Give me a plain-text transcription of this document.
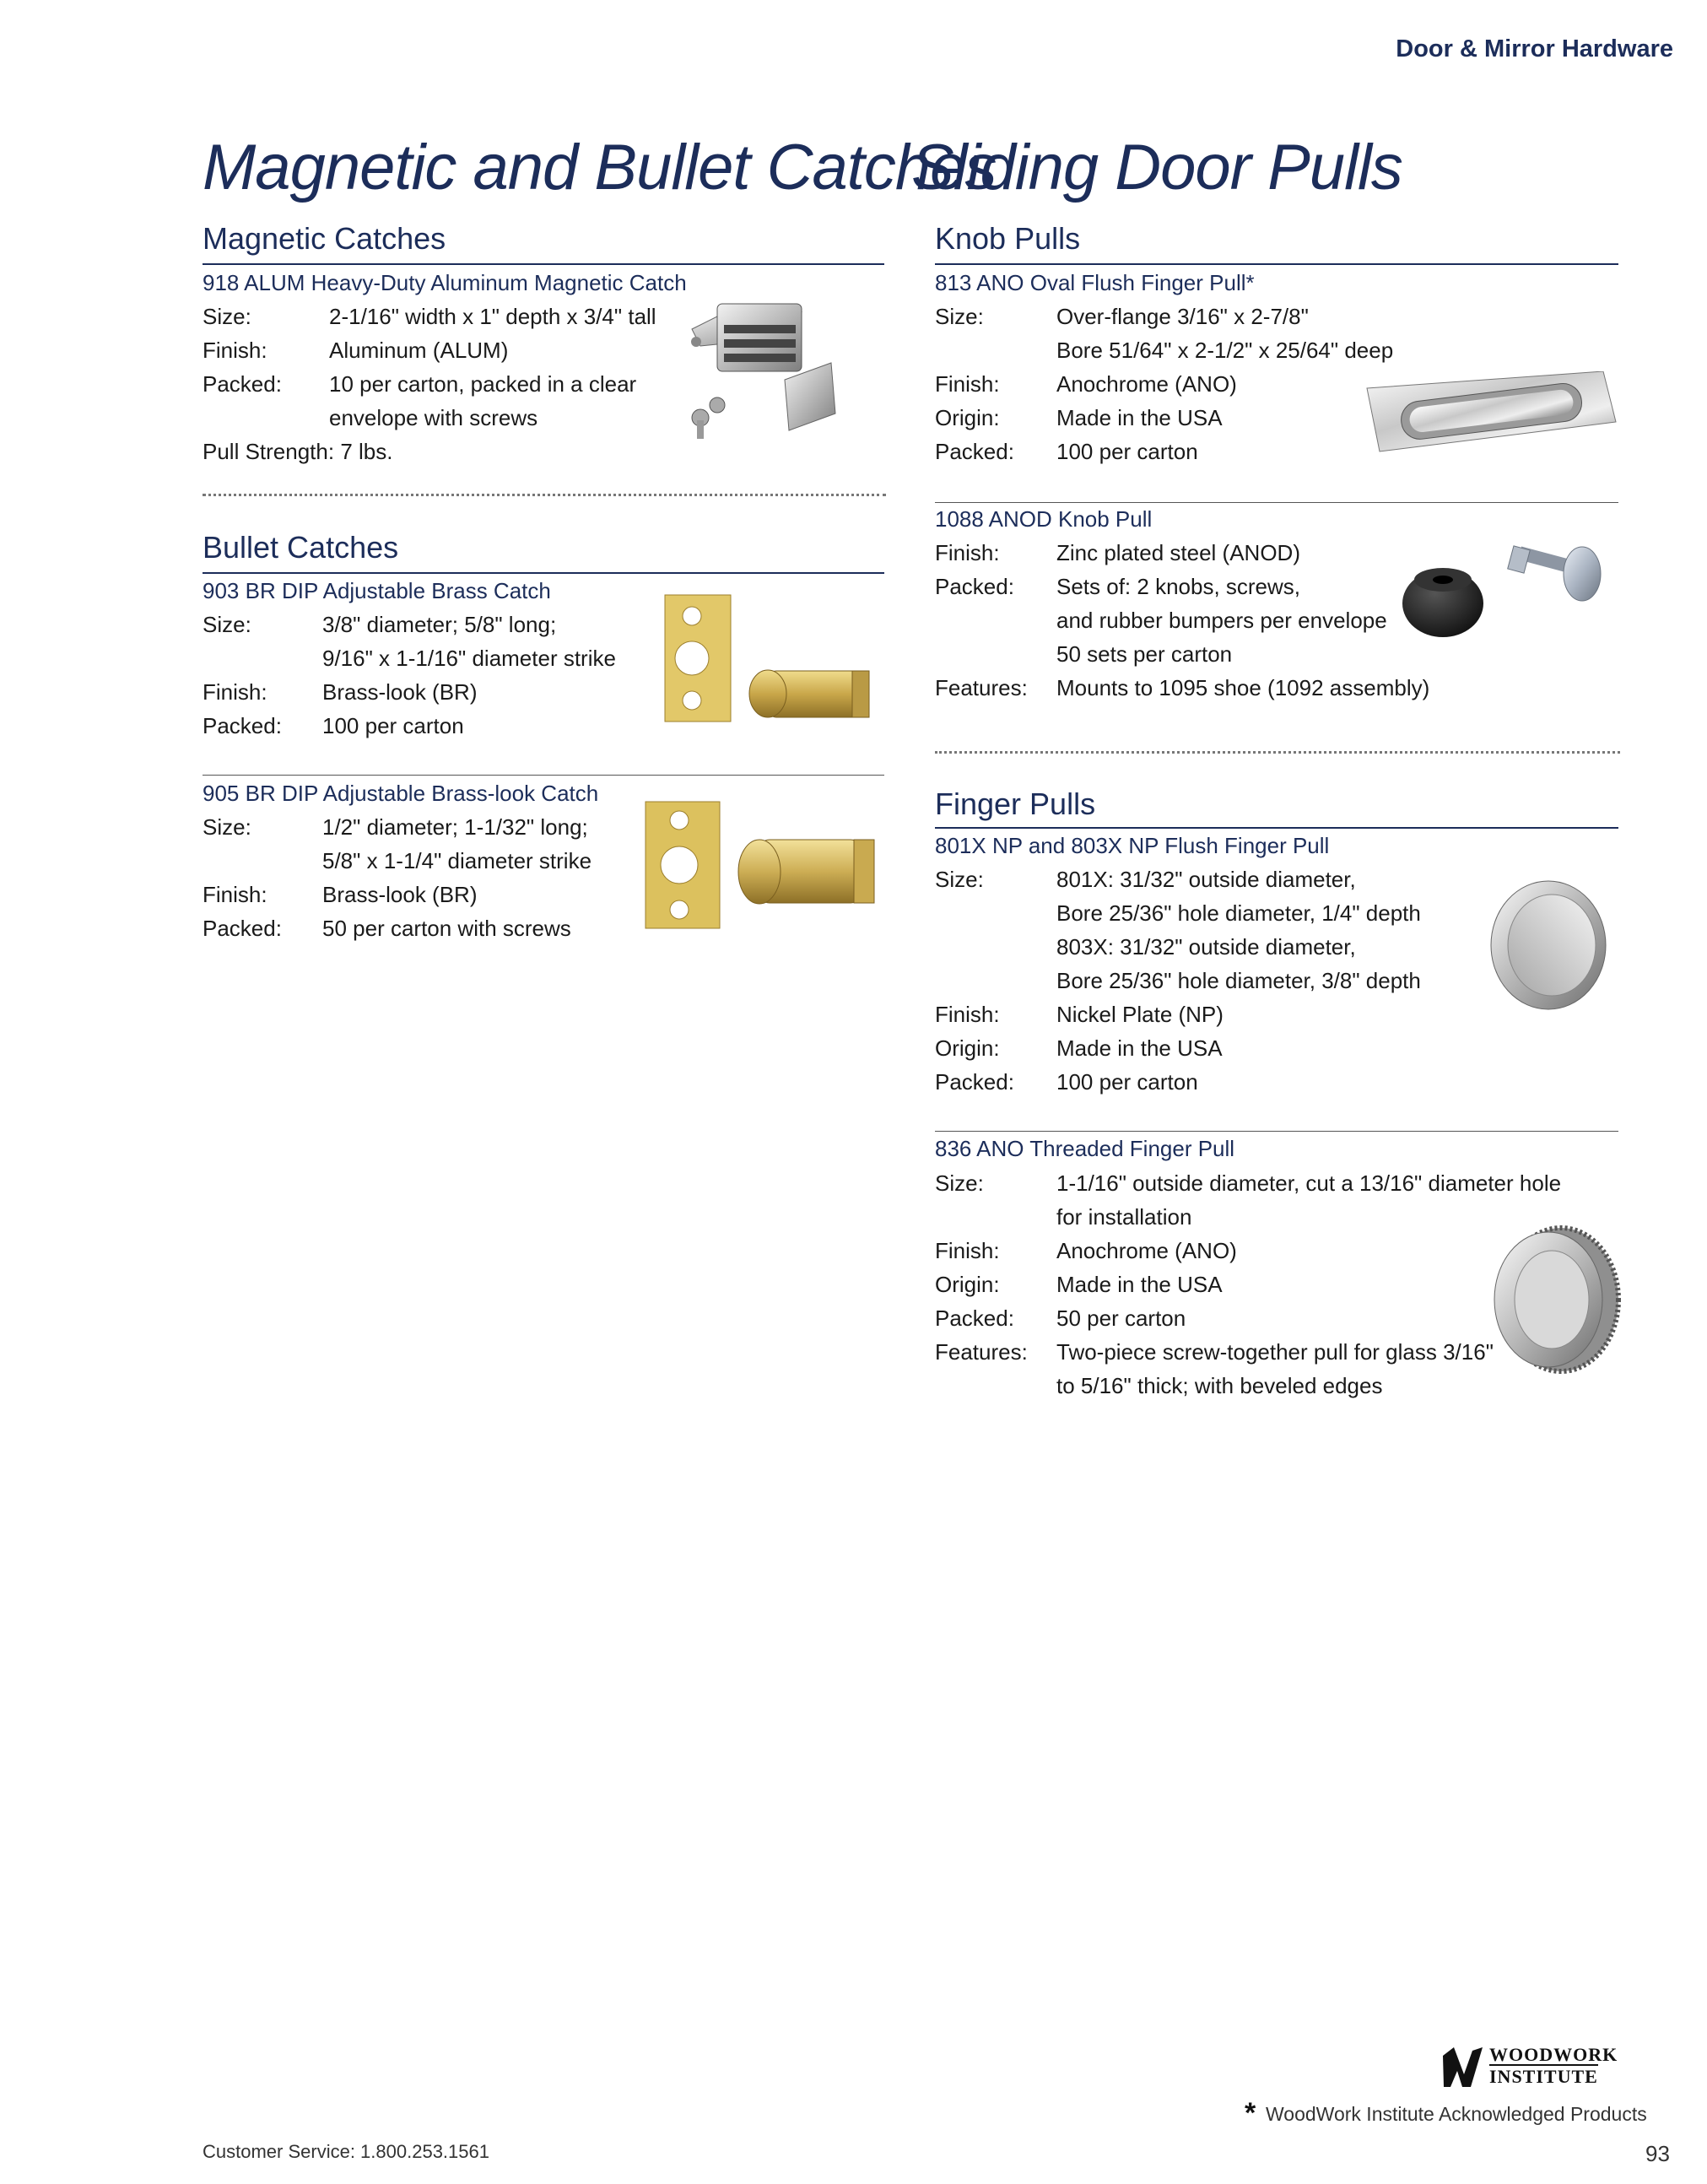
Door & Mirror Hardware
Magnetic and Bullet Catches
Sliding Door Pulls
Magnetic Catches
918 ALUM Heavy-Duty Aluminum Magnetic Catch
Size:	2-1/16" width x 1" depth x 3/4" tall
Finish:	Aluminum (ALUM)
Packed:	10 per carton, packed in a clear
envelope with screws
Pull Strength : 7 lbs.
Bullet Catches
903 BR DIP Adjustable Brass Catch
Size:	3/8" diameter; 5/8" long;
9/16" x 1-1/16" diameter strike
Finish:	Brass-look (BR)
Packed:	100 per carton
905 BR DIP Adjustable Brass-look Catch
Size:	1/2" diameter; 1-1/32" long;
5/8" x 1-1/4" diameter strike
Finish:	Brass-look (BR)
Packed:	50 per carton with screws
Knob Pulls
813 ANO Oval Flush Finger Pull*
Size:	Over-flange 3/16" x 2-7/8"
Bore 51/64" x 2-1/2" x 25/64" deep
Finish:	Anochrome (ANO)
Origin:	Made in the USA
Packed:	100 per carton
1088 ANOD Knob Pull
Finish:	Zinc plated steel (ANOD)
Packed:	Sets of: 2 knobs, screws,
and rubber bumpers per envelope
50 sets per carton
Features:	Mounts to 1095 shoe (1092 assembly)
Finger Pulls
801X NP and 803X NP Flush Finger Pull
Size:	801X: 31/32" outside diameter,
Bore 25/36" hole diameter, 1/4" depth
803X: 31/32" outside diameter,
Bore 25/36" hole diameter, 3/8" depth
Finish:	Nickel Plate (NP)
Origin:	Made in the USA
Packed:	100 per carton
836 ANO Threaded Finger Pull
Size:	1-1/16" outside diameter, cut a 13/16" diameter hole
for installation
Finish:	Anochrome (ANO)
Origin:	Made in the USA
Packed:	50 per carton
Features:	Two-piece screw-together pull for glass 3/16"
to 5/16" thick; with beveled edges
WOODWORK
INSTITUTE
* WoodWork Institute Acknowledged Products
Customer Service: 1.800.253.1561	93
